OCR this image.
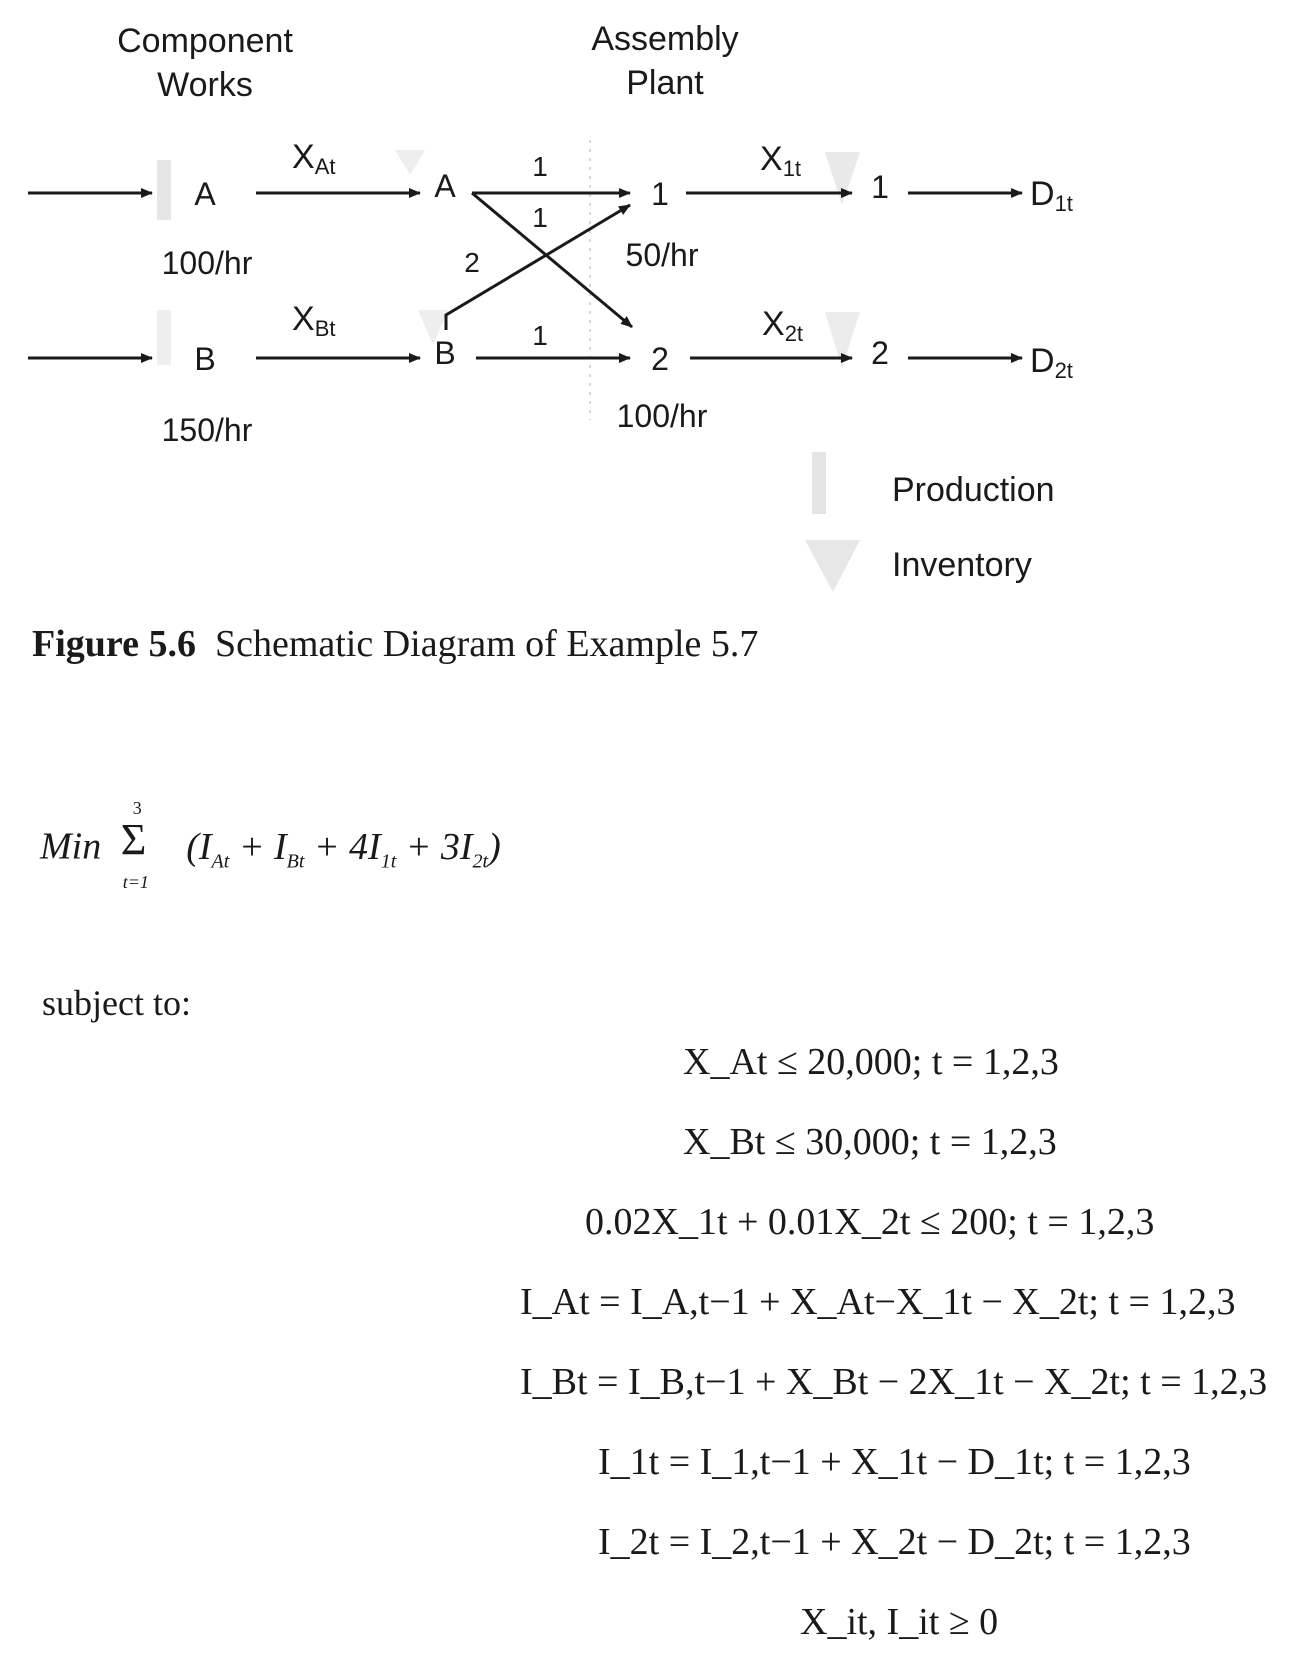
Component
Works
Assembly
Plant
A
B
100/hr
150/hr
XAt
XBt
A
B
1
1
2
1
1
2
50/hr
100/hr
X1t
X2t
1
2
D1t
D2t
Production
Inventory
Figure 5.6 Schematic Diagram of Example 5.7
Min
3
Σ
t=1
$(I_{At} + I_{Bt} + 4I_{1t} + 3I_{2t})$
subject to:
X_At ≤ 20,000; t = 1,2,3
X_Bt ≤ 30,000; t = 1,2,3
0.02X_1t + 0.01X_2t ≤ 200; t = 1,2,3
I_At = I_A,t−1 + X_At−X_1t − X_2t; t = 1,2,3
I_Bt = I_B,t−1 + X_Bt − 2X_1t − X_2t; t = 1,2,3
I_1t = I_1,t−1 + X_1t − D_1t; t = 1,2,3
I_2t = I_2,t−1 + X_2t − D_2t; t = 1,2,3
X_it, I_it ≥ 0
